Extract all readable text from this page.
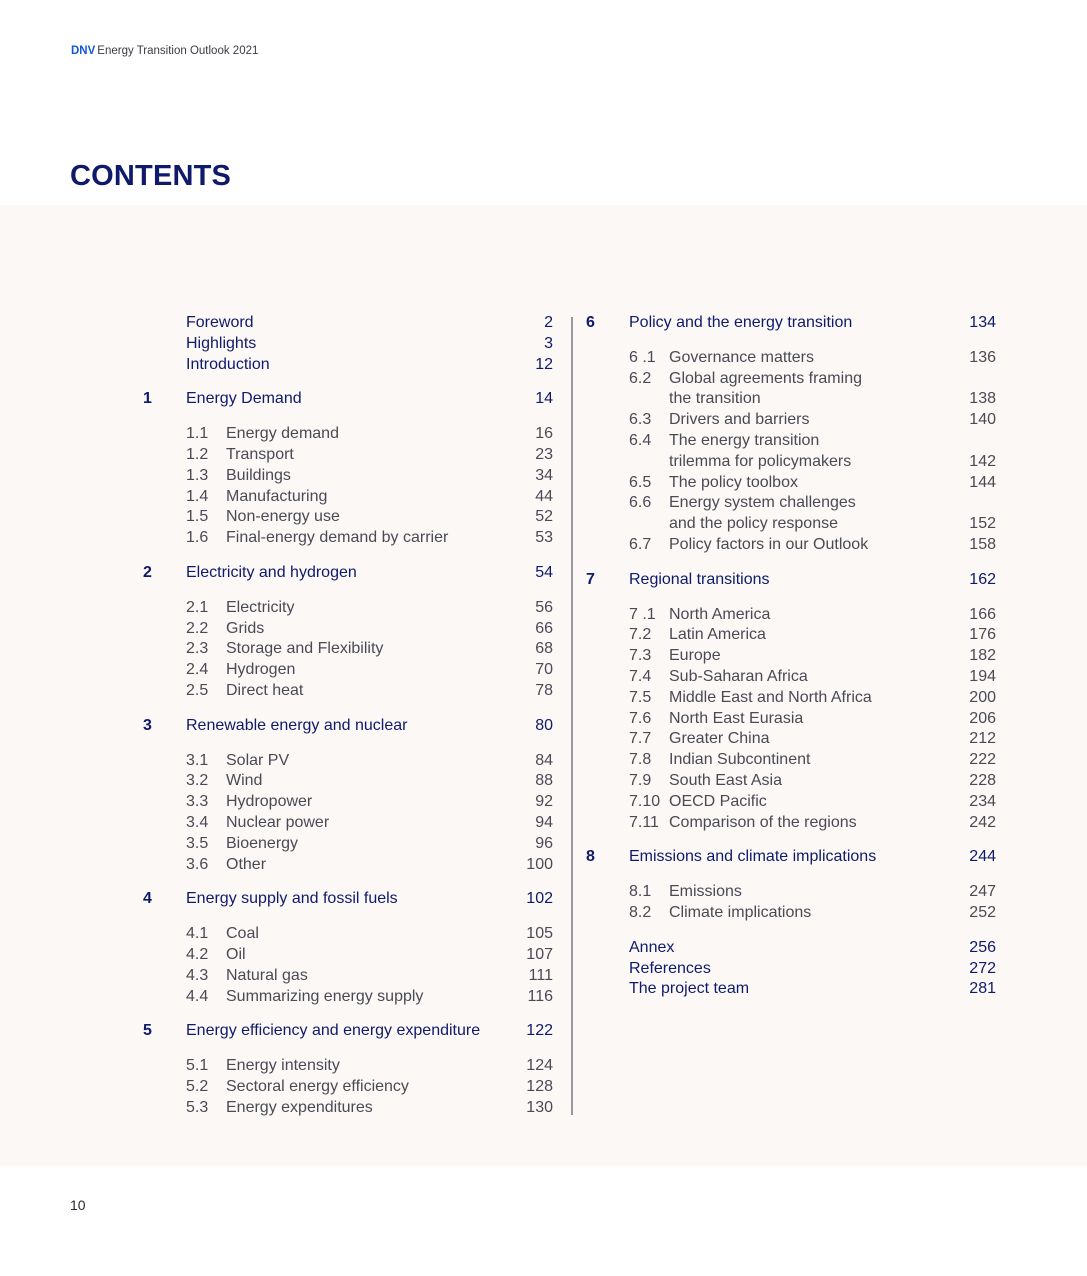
DNV Energy Transition Outlook 2021
CONTENTS
Foreword	2
Highlights	3
Introduction	12
1	Energy Demand	14
1.1	Energy demand	16
1.2	Transport	23
1.3	Buildings	34
1.4	Manufacturing	44
1.5	Non-energy use	52
1.6	Final-energy demand by carrier	53
2	Electricity and hydrogen	54
2.1	Electricity	56
2.2	Grids	66
2.3	Storage and Flexibility	68
2.4	Hydrogen	70
2.5	Direct heat	78
3	Renewable energy and nuclear	80
3.1	Solar PV	84
3.2	Wind	88
3.3	Hydropower	92
3.4	Nuclear power	94
3.5	Bioenergy	96
3.6	Other	100
4	Energy supply and fossil fuels	102
4.1	Coal	105
4.2	Oil	107
4.3	Natural gas	111
4.4	Summarizing energy supply	116
5	Energy efficiency and energy expenditure	122
5.1	Energy intensity	124
5.2	Sectoral energy efficiency	128
5.3	Energy expenditures	130
6	Policy and the energy transition	134
6 .1 Governance matters	136
6.2	Global agreements framing
the transition	138
6.3	Drivers and barriers	140
6.4	The energy transition
trilemma for policymakers	142
6.5	The policy toolbox	144
6.6	Energy system challenges
and the policy response	152
6.7	Policy factors in our Outlook	158
7	Regional transitions	162
7 .1 North America	166
7.2	Latin America	176
7.3	Europe	182
7.4	Sub-Saharan Africa	194
7.5	Middle East and North Africa	200
7.6	North East Eurasia	206
7.7	Greater China	212
7.8	Indian Subcontinent	222
7.9	South East Asia	228
7.10 OECD Pacific	234
7.11 Comparison of the regions	242
8	Emissions and climate implications	244
8.1	Emissions	247
8.2	Climate implications	252
Annex	256
References	272
The project team	281
10
